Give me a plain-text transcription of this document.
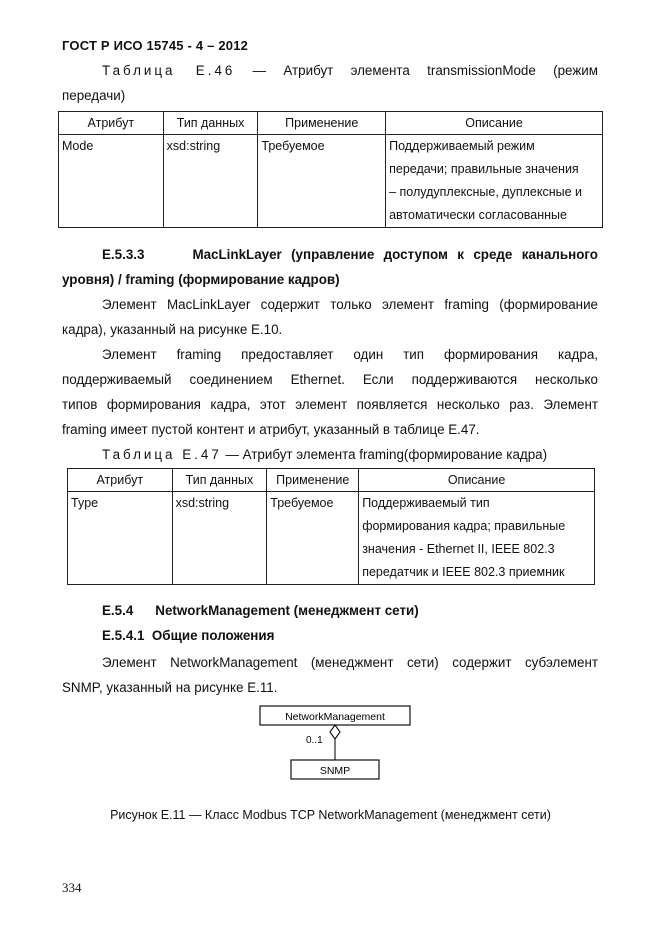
ГОСТ Р ИСО 15745 - 4 – 2012
Таблица Е.46 — Атрибут элемента transmissionMode (режим
передачи)
Атрибут	Тип данных	Применение	Описание
Mode	xsd:string	Требуемое	Поддерживаемый режим
передачи; правильные значения
– полудуплексные, дуплексные и
автоматически согласованные
Е.5.3.3	MacLinkLayer (управление доступом к среде канального
уровня) / framing (формирование кадров)
Элемент MacLinkLayer содержит только элемент framing (формирование
кадра), указанный на рисунке Е.10.
Элемент framing предоставляет один тип формирования кадра,
поддерживаемый соединением Ethernet. Если поддерживаются несколько
типов формирования кадра, этот элемент появляется несколько раз. Элемент
framing имеет пустой контент и атрибут, указанный в таблице Е.47.
Таблица Е.47 — Атрибут элемента framing(формирование кадра)
Атрибут	Тип данных	Применение	Описание
Type	xsd:string	Требуемое	Поддерживаемый тип
формирования кадра; правильные
значения - Ethernet II, IEEE 802.3
передатчик и IEEE 802.3 приемник
Е.5.4 NetworkManagement (менеджмент сети)
Е.5.4.1 Общие положения
Элемент NetworkManagement (менеджмент сети) содержит субэлемент
SNMP, указанный на рисунке Е.11.
NetworkManagement
0..1
SNMP
Рисунок Е.11 — Класс Modbus TCP NetworkManagement (менеджмент сети)
334
